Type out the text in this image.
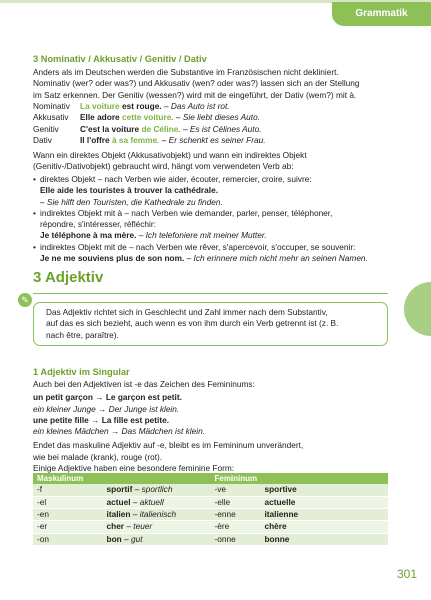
Grammatik
3 Nominativ / Akkusativ / Genitiv / Dativ
Anders als im Deutschen werden die Substantive im Französischen nicht dekliniert.
Nominativ (wer? oder was?) und Akkusativ (wen? oder was?) lassen sich an der Stellung
im Satz erkennen. Der Genitiv (wessen?) wird mit de eingeführt, der Dativ (wem?) mit à.
Nominativ	La voiture est rouge. – Das Auto ist rot.
Akkusativ	Elle adore cette voiture. – Sie liebt dieses Auto.
Genitiv	C'est la voiture de Céline. – Es ist Célines Auto.
Dativ	Il l'offre à sa femme. – Er schenkt es seiner Frau.
Wann ein direktes Objekt (Akkusativobjekt) und wann ein indirektes Objekt
(Genitiv-/Dativobjekt) gebraucht wird, hängt vom verwendeten Verb ab:
• direktes Objekt – nach Verben wie aider, écouter, remercier, croire, suivre:
Elle aide les touristes à trouver la cathédrale.
– Sie hilft den Touristen, die Kathedrale zu finden.
• indirektes Objekt mit à – nach Verben wie demander, parler, penser, téléphoner,
répondre, s'intéresser, réfléchir:
Je téléphone à ma mère. – Ich telefoniere mit meiner Mutter.
• indirektes Objekt mit de – nach Verben wie rêver, s'apercevoir, s'occuper, se souvenir:
Je ne me souviens plus de son nom. – Ich erinnere mich nicht mehr an seinen Namen.
3 Adjektiv
✎
Das Adjektiv richtet sich in Geschlecht und Zahl immer nach dem Substantiv,
auf das es sich bezieht, auch wenn es von ihm durch ein Verb getrennt ist (z. B.
nach être, paraître).
1 Adjektiv im Singular
Auch bei den Adjektiven ist -e das Zeichen des Femininums:
un petit garçon → Le garçon est petit.
ein kleiner Junge → Der Junge ist klein.
une petite fille → La fille est petite.
ein kleines Mädchen → Das Mädchen ist klein.
Endet das maskuline Adjektiv auf -e, bleibt es im Femininum unverändert,
wie bei malade (krank), rouge (rot).
Einige Adjektive haben eine besondere feminine Form:
Maskulinum		Femininum	
-f	sportif – sportlich	-ve	sportive
-el	actuel – aktuell	-elle	actuelle
-en	italien – italienisch	-enne	italienne
-er	cher – teuer	-ère	chère
-on	bon – gut	-onne	bonne
301
